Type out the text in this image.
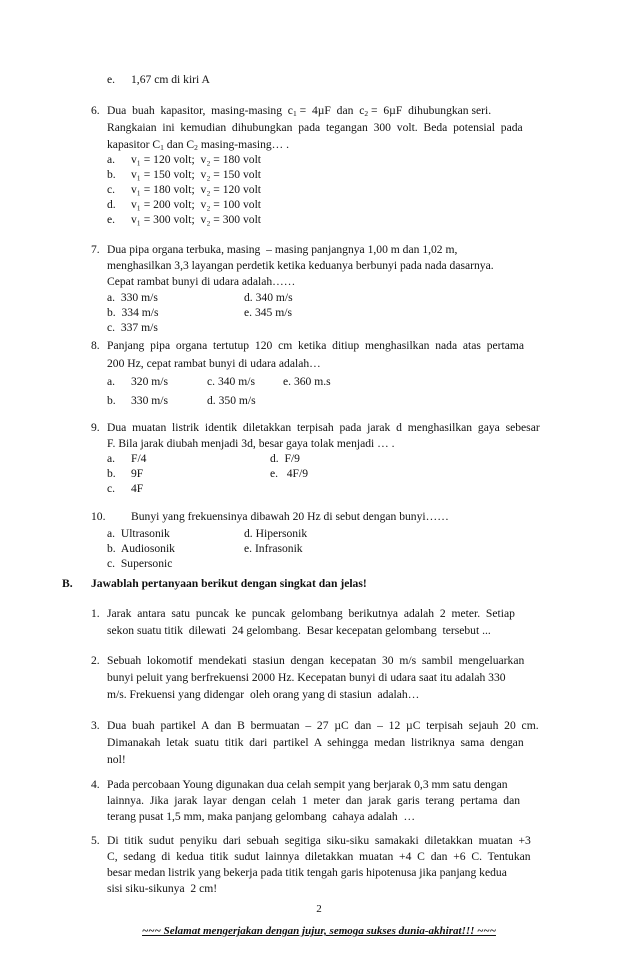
e. 1,67 cm di kiri A
6. Dua  buah  kapasitor,  masing-masing  $c_1 = 4\mu F$  dan  $c_2 = 6\mu F$  dihubungkan seri.
Rangkaian  ini  kemudian  dihubungkan  pada  tegangan  300  volt.  Beda  potensial  pada
kapasitor $C_1$ dan $C_2$ masing-masing… .
a. v₁ = 120 volt;  v₂ = 180 volt
b. v₁ = 150 volt;  v₂ = 150 volt
c. v₁ = 180 volt;  v₂ = 120 volt
d. v₁ = 200 volt;  v₂ = 100 volt
e. v₁ = 300 volt;  v₂ = 300 volt
7. Dua pipa organa terbuka, masing  – masing panjangnya 1,00 m dan 1,02 m,
menghasilkan 3,3 layangan perdetik ketika keduanya berbunyi pada nada dasarnya.
Cepat rambat bunyi di udara adalah……
a.  330 m/s	d. 340 m/s
b.  334 m/s	e. 345 m/s
c.  337 m/s
8. Panjang  pipa  organa  tertutup  120  cm  ketika  ditiup  menghasilkan  nada  atas  pertama
200 Hz, cepat rambat bunyi di udara adalah…
a. 320 m/s	c. 340 m/s e. 360 m.s
b. 330 m/s	d. 350 m/s
9. Dua  muatan  listrik  identik  diletakkan  terpisah  pada  jarak  d  menghasilkan  gaya  sebesar
F. Bila jarak diubah menjadi 3d, besar gaya tolak menjadi … .
a. F/4	d.  F/9
b. 9F	e.   4F/9
c. 4F
10. Bunyi yang frekuensinya dibawah 20 Hz di sebut dengan bunyi……
a.  Ultrasonik	d. Hipersonik
b.  Audiosonik	e. Infrasonik
c.  Supersonic
B. Jawablah pertanyaan berikut dengan singkat dan jelas!
1. Jarak  antara  satu  puncak  ke  puncak  gelombang  berikutnya  adalah  2  meter.  Setiap
sekon suatu titik  dilewati  24 gelombang.  Besar kecepatan gelombang  tersebut ...
2. Sebuah  lokomotif  mendekati  stasiun  dengan  kecepatan  30  m/s  sambil  mengeluarkan
bunyi peluit yang berfrekuensi 2000 Hz. Kecepatan bunyi di udara saat itu adalah 330
m/s. Frekuensi yang didengar  oleh orang yang di stasiun  adalah…
3. Dua  buah  partikel  A  dan  B  bermuatan  –  27  µC  dan  –  12  µC  terpisah  sejauh  20  cm.
Dimanakah  letak  suatu  titik  dari  partikel  A  sehingga  medan  listriknya  sama  dengan
nol!
4. Pada percobaan Young digunakan dua celah sempit yang berjarak 0,3 mm satu dengan
lainnya.  Jika  jarak  layar  dengan  celah  1  meter  dan  jarak  garis  terang  pertama  dan
terang pusat 1,5 mm, maka panjang gelombang  cahaya adalah  …
5. Di  titik  sudut  penyiku  dari  sebuah  segitiga  siku-siku  samakaki  diletakkan  muatan  +3
C,  sedang  di  kedua  titik  sudut  lainnya  diletakkan  muatan  +4  C  dan  +6  C.  Tentukan
besar medan listrik yang bekerja pada titik tengah garis hipotenusa jika panjang kedua
sisi siku-sikunya  2 cm!
2
~~~ Selamat mengerjakan dengan jujur, semoga sukses dunia-akhirat!!! ~~~
